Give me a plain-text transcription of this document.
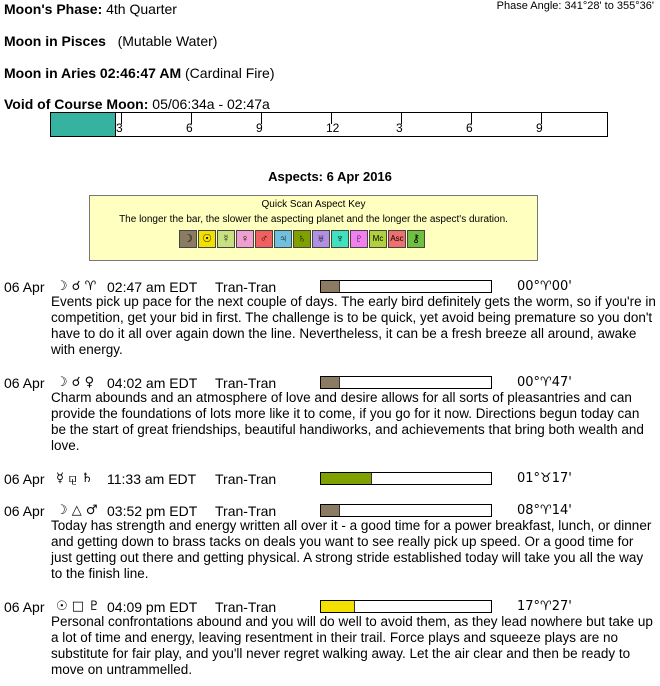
Moon's Phase: 4th Quarter	Phase Angle: 341°28' to 355°36'
Moon in Pisces (Mutable Water)
Moon in Aries 02:46:47 AM (Cardinal Fire)
Void of Course Moon: 05/06:34a - 02:47a
3	6	9	12	3	6	9
Aspects: 6 Apr 2016
Quick Scan Aspect Key
The longer the bar, the slower the aspecting planet and the longer the aspect's duration.
☽ ☉ ☿ ♀ ♂ ♃ ♄ ♅ ♆ ♇	Mc Asc ⚷
06 Apr ☽ ☌ ♈ 02:47 am EDT Tran-Tran	00°♈00'
Events pick up pace for the next couple of days. The early bird definitely gets the worm, so if you're in competition, get your bid in first. The challenge is to be quick, yet avoid being premature so you don't have to do it all over again down the line. Nevertheless, it can be a fresh breeze all around, awake with energy.
06 Apr ☽ ☌ ♀ 04:02 am EDT Tran-Tran	00°♈47'
Charm abounds and an atmosphere of love and desire allows for all sorts of pleasantries and can provide the foundations of lots more like it to come, if you go for it now. Directions begun today can be the start of great friendships, beautiful handiworks, and achievements that bring both wealth and love.
06 Apr ☿ ⚼ ♄ 11:33 am EDT Tran-Tran	01°♉17'
06 Apr ☽ △ ♂ 03:52 pm EDT Tran-Tran	08°♈14'
Today has strength and energy written all over it - a good time for a power breakfast, lunch, or dinner and getting down to brass tacks on deals you want to see really pick up speed. Or a good time for just getting out there and getting physical. A strong stride established today will take you all the way to the finish line.
06 Apr ☉ □ ♇ 04:09 pm EDT Tran-Tran	17°♈27'
Personal confrontations abound and you will do well to avoid them, as they lead nowhere but take up a lot of time and energy, leaving resentment in their trail. Force plays and squeeze plays are no substitute for fair play, and you'll never regret walking away. Let the air clear and then be ready to move on untrammelled.
